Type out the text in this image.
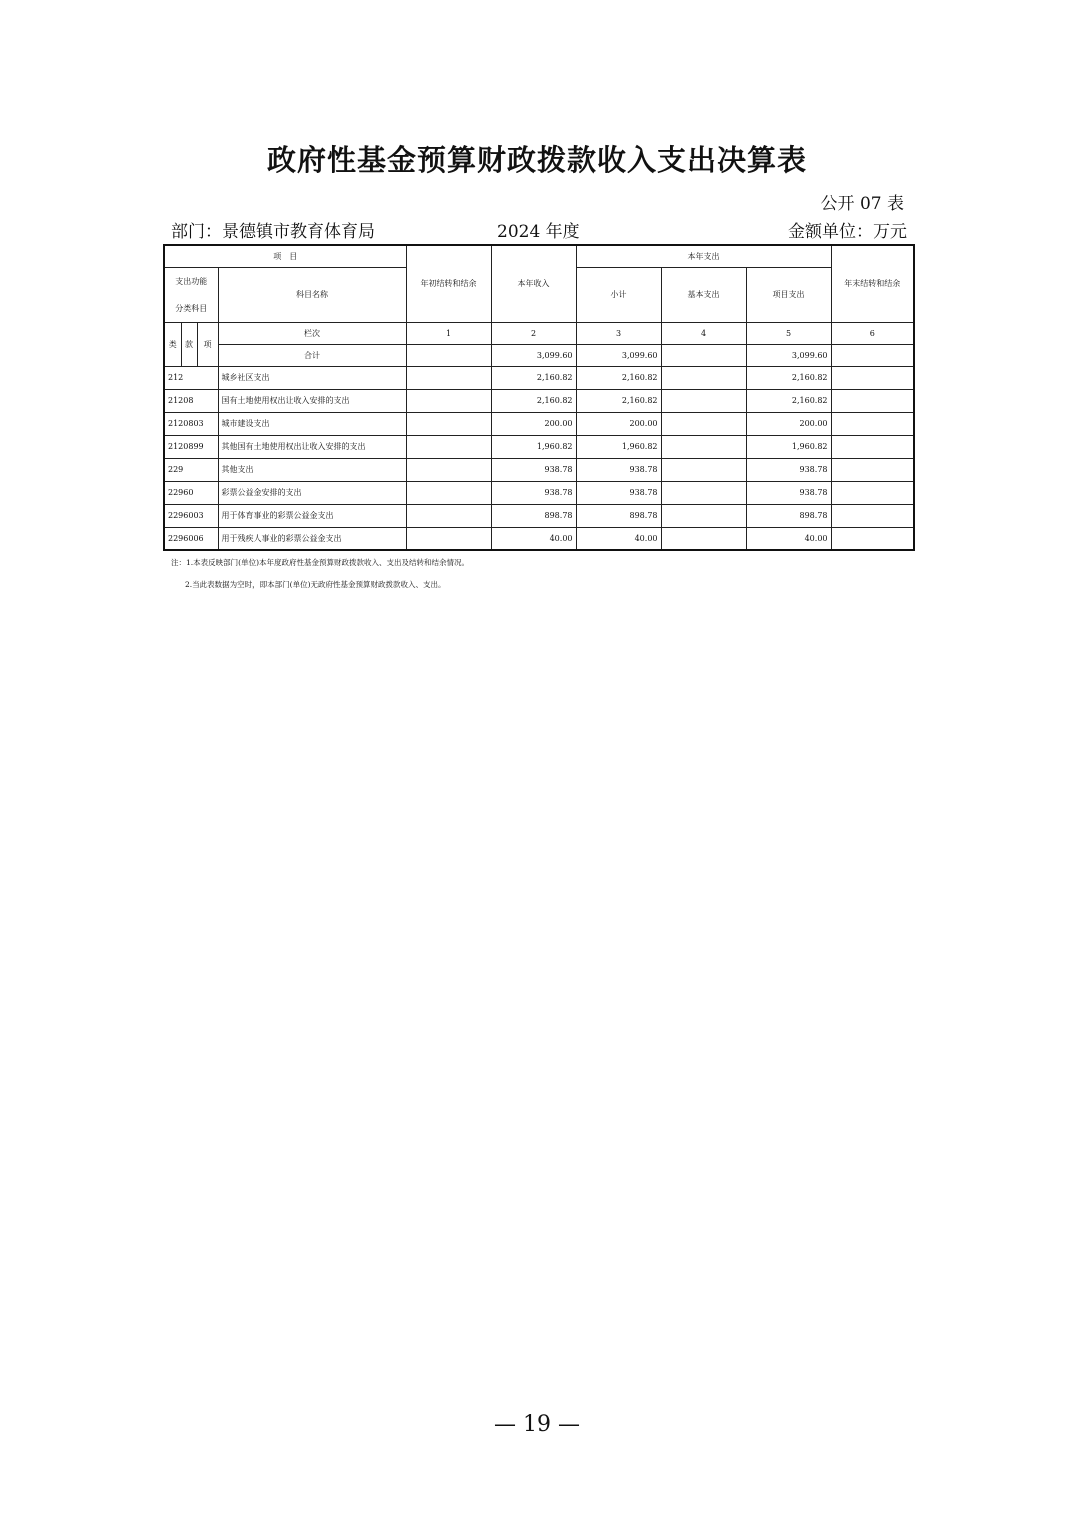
政府性基金预算财政拨款收入支出决算表
公开 07 表
部门：景德镇市教育体育局	2024 年度	金额单位：万元
项　目				年初结转和结余	本年收入	本年支出			年末结转和结余

支出功能
分类科目			科目名称			小计	基本支出	项目支出	

类	款	项	栏次	1	2	3	4	5	6
			合计		3,099.60	3,099.60		3,099.60	
212			城乡社区支出		2,160.82	2,160.82		2,160.82	
21208			国有土地使用权出让收入安排的支出		2,160.82	2,160.82		2,160.82	
2120803			城市建设支出		200.00	200.00		200.00	
2120899			其他国有土地使用权出让收入安排的支出		1,960.82	1,960.82		1,960.82	
229			其他支出		938.78	938.78		938.78	
22960			彩票公益金安排的支出		938.78	938.78		938.78	
2296003			用于体育事业的彩票公益金支出		898.78	898.78		898.78	
2296006			用于残疾人事业的彩票公益金支出		40.00	40.00		40.00	
注：1.本表反映部门(单位)本年度政府性基金预算财政拨款收入、支出及结转和结余情况。
2.当此表数据为空时，即本部门(单位)无政府性基金预算财政拨款收入、支出。
— 19 —
